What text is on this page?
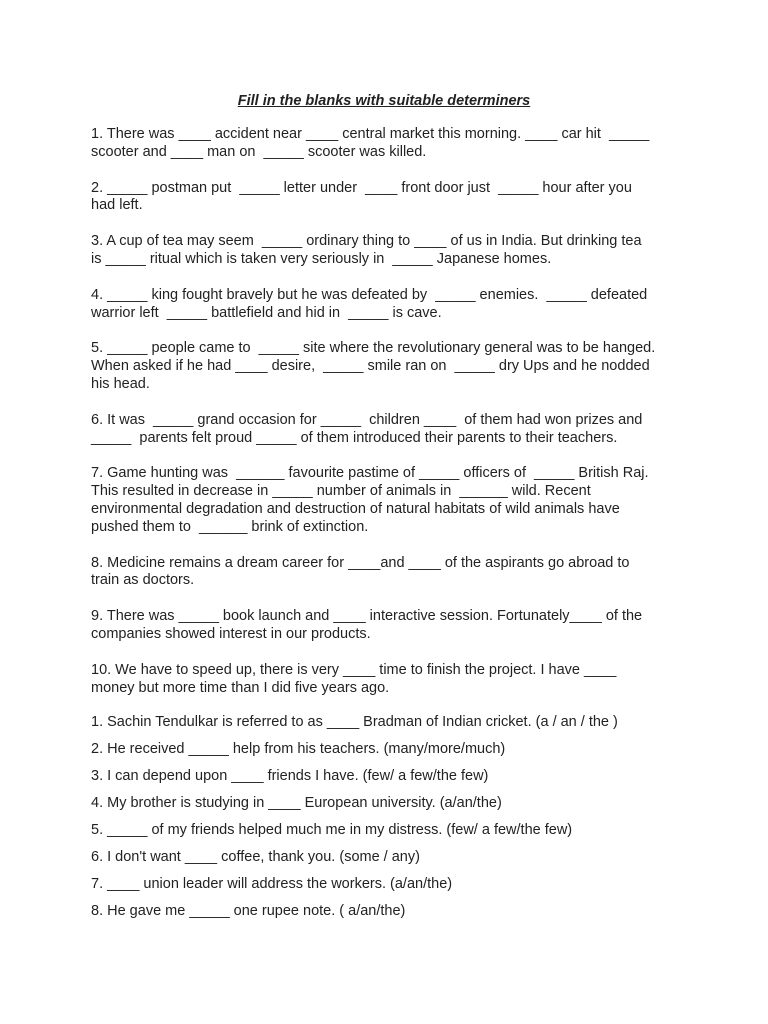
Fill in the blanks with suitable determiners

1. There was ____ accident near ____ central market this morning. ____ car hit  _____
scooter and ____ man on  _____ scooter was killed.

2. _____ postman put  _____ letter under  ____ front door just  _____ hour after you
had left.

3. A cup of tea may seem  _____ ordinary thing to ____ of us in India. But drinking tea
is _____ ritual which is taken very seriously in  _____ Japanese homes.

4. _____ king fought bravely but he was defeated by  _____ enemies.  _____ defeated
warrior left  _____ battlefield and hid in  _____ is cave.

5. _____ people came to  _____ site where the revolutionary general was to be hanged.
When asked if he had ____ desire,  _____ smile ran on  _____ dry Ups and he nodded
his head.

6. It was  _____ grand occasion for _____  children ____  of them had won prizes and
_____  parents felt proud _____ of them introduced their parents to their teachers.

7. Game hunting was  ______ favourite pastime of _____ officers of  _____ British Raj.
This resulted in decrease in _____ number of animals in  ______ wild. Recent
environmental degradation and destruction of natural habitats of wild animals have
pushed them to  ______ brink of extinction.

8. Medicine remains a dream career for ____and ____ of the aspirants go abroad to
train as doctors.

9. There was _____ book launch and ____ interactive session. Fortunately____ of the
companies showed interest in our products.

10. We have to speed up, there is very ____ time to finish the project. I have ____
money but more time than I did five years ago.

1. Sachin Tendulkar is referred to as ____ Bradman of Indian cricket. (a / an / the )

2. He received _____ help from his teachers. (many/more/much)

3. I can depend upon ____ friends I have. (few/ a few/the few)

4. My brother is studying in ____ European university. (a/an/the)

5. _____ of my friends helped much me in my distress. (few/ a few/the few)

6. I don't want ____ coffee, thank you. (some / any)

7. ____ union leader will address the workers. (a/an/the)

8. He gave me _____ one rupee note. ( a/an/the)
